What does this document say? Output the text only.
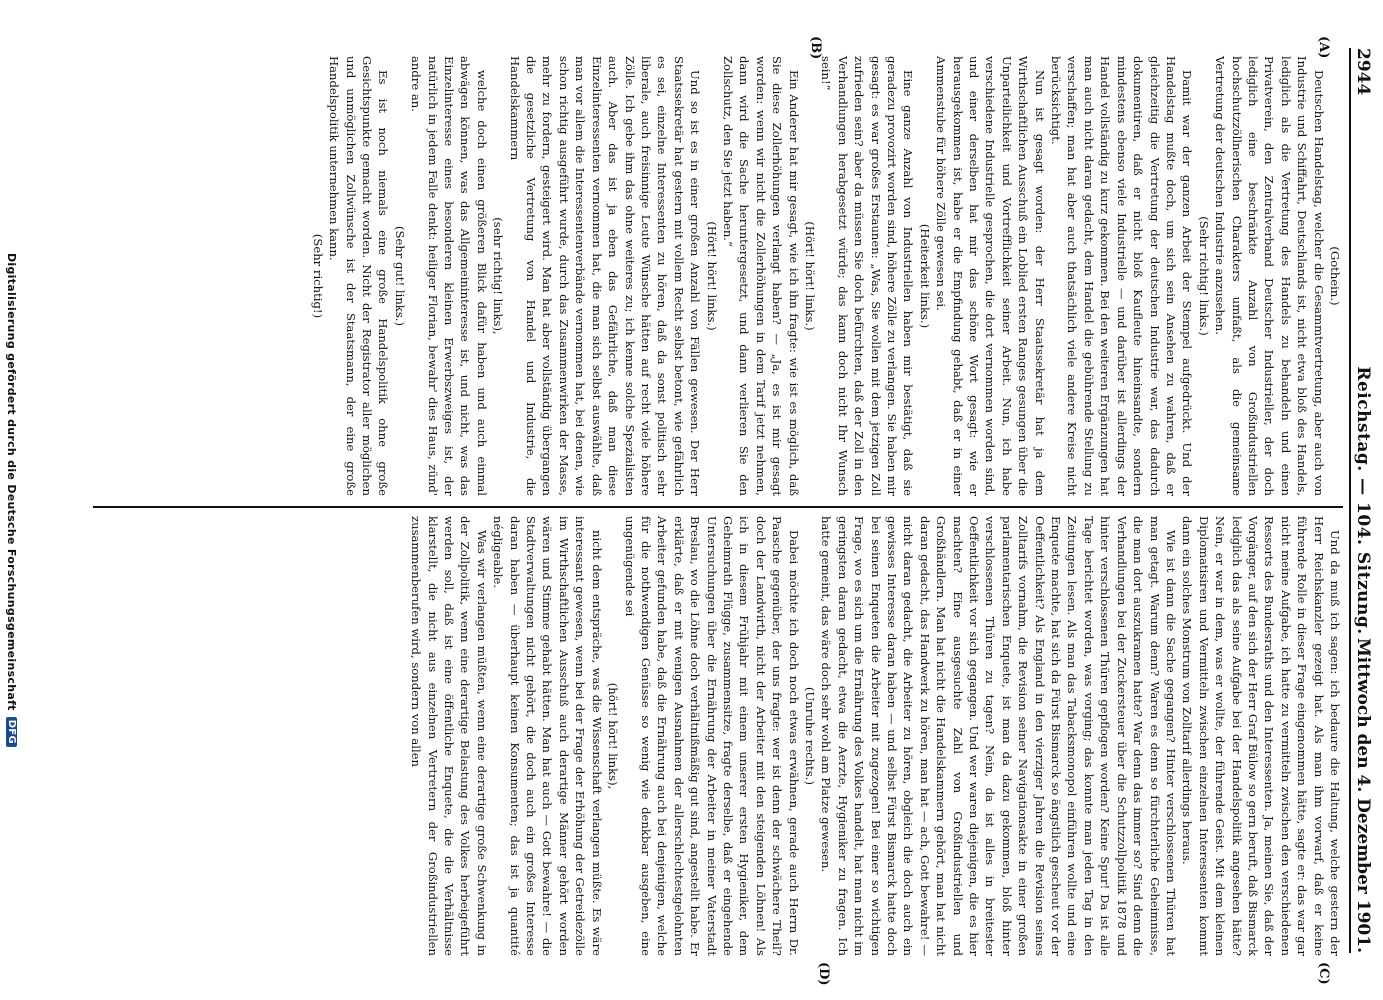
2944
Reichstag. — 104. Sitzung.
Mittwoch den 4. Dezember 1901.
(A)
(B)
(C)
(D)

(Gothein.)

Deutschen Handelstag, welcher die Gesammtvertretung, aber auch von Industrie und Schiffahrt, Deutschlands ist, nicht etwa bloß des Handels, lediglich als die Vertretung des Handels zu behandeln und einen Privatverein, den Zentralverband Deutscher Industrieller, der doch lediglich eine beschränkte Anzahl von Großindustriellen hochschutzzöllnerischen Charakters umfaßt, als die gemeinsame Vertretung der deutschen Industrie anzusehen.

(Sehr richtig! links.)

Damit war der ganzen Arbeit der Stempel aufgedrückt. Und der Handelstag mußte doch, um sich sein Ansehen zu wahren, daß er gleichzeitig die Vertretung der deutschen Industrie war, das dadurch dokumentiren, daß er nicht bloß Kaufleute hineinsandte, sondern mindestens ebenso viele Industrielle — und darüber ist allerdings der Handel vollständig zu kurz gekommen. Bei den weiteren Ergänzungen hat man auch nicht daran gedacht, dem Handel die gebührende Stellung zu verschaffen; man hat aber auch thatsächlich viele andere Kreise nicht berücksichtigt.

Nun ist gesagt worden: der Herr Staatssekretär hat ja dem Wirthschaftlichen Ausschuß ein Loblied ersten Ranges gesungen über die Unparteilichkeit und Vortrefflichkeit seiner Arbeit. Nun, ich habe verschiedene Industrielle gesprochen, die dort vernommen worden sind, und einer derselben hat mir das schöne Wort gesagt: wie er herausgekommen ist, habe er die Empfindung gehabt, daß er in einer Ammenstube für höhere Zölle gewesen sei.

(Heiterkeit links.)

Eine ganze Anzahl von Industriellen haben mir bestätigt, daß sie geradezu provozirt worden sind, höhere Zölle zu verlangen. Sie haben mir gesagt: es war großes Erstaunen: „Was, Sie wollen mit dem jetzigen Zoll zufrieden sein? aber da müssen Sie doch befürchten, daß der Zoll in den Verhandlungen herabgesetzt würde; das kann doch nicht Ihr Wunsch sein!“

(Hört! hört! links.)

Ein Anderer hat mir gesagt, wie ich ihn fragte: wie ist es möglich, daß Sie diese Zollerhöhungen verlangt haben? — „Ja, es ist mir gesagt worden: wenn wir nicht die Zollerhöhungen in dem Tarif jetzt nehmen, dann wird die Sache heruntergesetzt, und dann verlieren Sie den Zollschutz, den Sie jetzt haben.“

(Hört! hört! links.)

Und so ist es in einer großen Anzahl von Fällen gewesen. Der Herr Staatssekretär hat gestern mit vollem Recht selbst betont, wie gefährlich es sei, einzelne Interessenten zu hören, daß da sonst politisch sehr liberale, auch freisinnige Leute Wünsche hätten auf recht viele höhere Zölle. Ich gebe ihm das ohne weiteres zu; ich kenne solche Spezialisten auch. Aber das ist ja eben das Gefährliche, daß man diese Einzelinteressenten vernommen hat, die man sich selbst auswählte, daß man vor allem die Interessentenverbände vernommen hat, bei denen, wie schon richtig ausgeführt wurde, durch das Zusammenwirken der Masse, mehr zu fordern, gesteigert wird. Man hat aber vollständig übergangen die gesetzliche Vertretung von Handel und Industrie, die Handelskammern

(sehr richtig! links),

welche doch einen größeren Blick dafür haben und auch einmal abwägen können, was das Allgemeininteresse ist, und nicht, was das Einzelinteresse eines besonderen kleinen Erwerbszweiges ist, der natürlich in jedem Falle denkt: heiliger Florian, bewahr' dies Haus, zünd' andre an.

(Sehr gut! links.)

Es ist noch niemals eine große Handelspolitik ohne große Gesichtspunkte gemacht worden. Nicht der Registrator aller möglichen und unmöglichen Zollwünsche ist der Staatsmann, der eine große Handelspolitik unternehmen kann.

(Sehr richtig!)

Und da muß ich sagen: ich bedaure die Haltung, welche gestern der Herr Reichskanzler gezeigt hat. Als man ihm vorwarf, daß er keine führende Rolle in dieser Frage eingenommen hätte, sagte er: das war gar nicht meine Aufgabe, ich hatte zu vermitteln zwischen den verschiedenen Ressorts des Bundesraths und den Interessenten. Ja, meinen Sie, daß der Vorgänger, auf den sich der Herr Graf Bülow so gern beruft, daß Bismarck lediglich das als seine Aufgabe bei der Handelspolitik angesehen hätte? Nein, er war in dem, was er wollte, der führende Geist. Mit dem kleinen Diplomatisiren und Vermitteln zwischen einzelnen Interessenten kommt dann ein solches Monstrum von Zolltarif allerdings heraus.

Wie ist dann die Sache gegangen? Hinter verschlossenen Thüren hat man getagt. Warum denn? Waren es denn so fürchterliche Geheimnisse, die man dort auszukramen hatte? War denn das immer so? Sind denn die Verhandlungen bei der Zuckersteuer über die Schutzzollpolitik 1878 und hinter verschlossenen Thüren gepflogen worden? Keine Spur! Da ist alle Tage berichtet worden, was vorging; das konnte man jeden Tag in den Zeitungen lesen. Als man das Tabacksmonopol einführen wollte und eine Enquete machte, hat sich da Fürst Bismarck so ängstlich gescheut vor der Oeffentlichkeit? Als England in den vierziger Jahren die Revision seines Zolltarifs vornahm, die Revision seiner Navigationsakte in einer großen parlamentarischen Enquete, ist man da dazu gekommen, bloß hinter verschlossenen Thüren zu tagen? Nein, da ist alles in breitester Oeffentlichkeit vor sich gegangen. Und wer waren diejenigen, die es hier machten? Eine ausgesuchte Zahl von Großindustriellen und Großhändlern. Man hat nicht die Handelskammern gehört, man hat nicht daran gedacht, das Handwerk zu hören, man hat — ach, Gott bewahre! — nicht daran gedacht, die Arbeiter zu hören, obgleich die doch auch ein gewisses Interesse daran haben — und selbst Fürst Bismarck hatte doch bei seinen Enqueten die Arbeiter mit zugezogen! Bei einer so wichtigen Frage, wo es sich um die Ernährung des Volkes handelt, hat man nicht im geringsten daran gedacht, etwa die Aerzte, Hygieniker zu fragen. Ich hatte gemeint, das wäre doch sehr wohl am Platze gewesen.

(Unruhe rechts.)

Dabei möchte ich doch noch etwas erwähnen, gerade auch Herrn Dr. Paasche gegenüber, der uns fragte: wer ist denn der schwächere Theil? doch der Landwirth, nicht der Arbeiter mit den steigenden Löhnen! Als ich in diesem Frühjahr mit einem unserer ersten Hygieniker, dem Geheimrath Flügge, zusammensitze, fragte derselbe, daß er eingehende Untersuchungen über die Ernährung der Arbeiter in meiner Vaterstadt Breslau, wo die Löhne doch verhältnißmäßig gut sind, angestellt habe. Er erklärte, daß er mit wenigen Ausnahmen der allerschlechtestgelohnten Arbeiter gefunden habe, daß die Ernährung auch bei denjenigen, welche für die nothwendigen Genüsse so wenig wie denkbar ausgeben, eine ungenügende sei

(hört! hört! links),

nicht dem entspräche, was die Wissenschaft verlangen müßte. Es wäre interessant gewesen, wenn bei der Frage der Erhöhung der Getreidezölle im Wirthschaftlichen Ausschuß auch derartige Männer gehört worden wären und Stimme gehabt hätten. Man hat auch — Gott bewahre! — die Stadtverwaltungen nicht gehört, die doch auch ein großes Interesse daran haben — überhaupt keinen Konsumenten; das ist ja quantité négligeable.

Was wir verlangen müßten, wenn eine derartige große Schwenkung in der Zollpolitik, wenn eine derartige Belastung des Volkes herbeigeführt werden soll, daß ist eine öffentliche Enquete, die die Verhältnisse klarstellt, die nicht aus einzelnen Vertretern der Großindustriellen zusammenberufen wird, sondern von allen

Digitalisierung gefördert durch die Deutsche ForschungsgemeinschaftDFG
